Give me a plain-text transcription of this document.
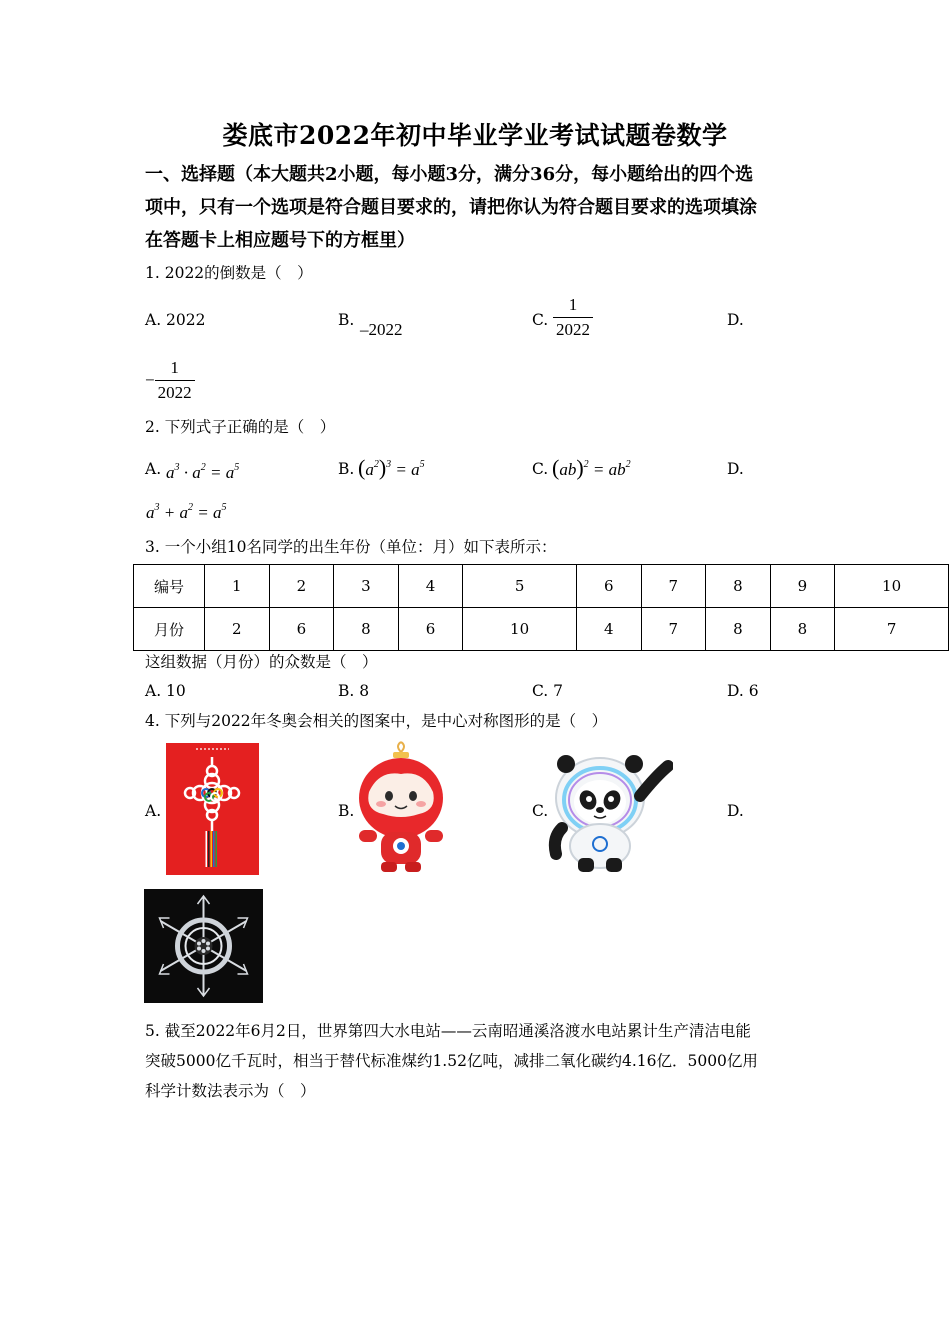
娄底市2022年初中毕业学业考试试题卷数学
一、选择题（本大题共2小题，每小题3分，满分36分，每小题给出的四个选
项中，只有一个选项是符合题目要求的，请把你认为符合题目要求的选项填涂
在答题卡上相应题号下的方框里）
1. 2022的倒数是（　）
A. 2022	B. –2022	C. $\frac{1}{2022}$	D.
− $\frac{1}{2022}$
2. 下列式子正确的是（　）
A. $a^3 \cdot a^2 = a^5$	B. $(a^2)^3 = a^5$	C. $(ab)^2 = ab^2$	D.
$a^3 + a^2 = a^5$
3. 一个小组10名同学的出生年份（单位：月）如下表所示：
编号	1	2	3	4	5	6	7	8	9	10
月份	2	6	8	6	10	4	7	8	8	7
这组数据（月份）的众数是（　）
A. 10	B. 8	C. 7	D. 6
4. 下列与2022年冬奥会相关的图案中，是中心对称图形的是（　）
A.	B.	C.	D.
5. 截至2022年6月2日，世界第四大水电站——云南昭通溪洛渡水电站累计生产清洁电能
突破5000亿千瓦时，相当于替代标准煤约1.52亿吨，减排二氧化碳约4.16亿．5000亿用
科学计数法表示为（　）
